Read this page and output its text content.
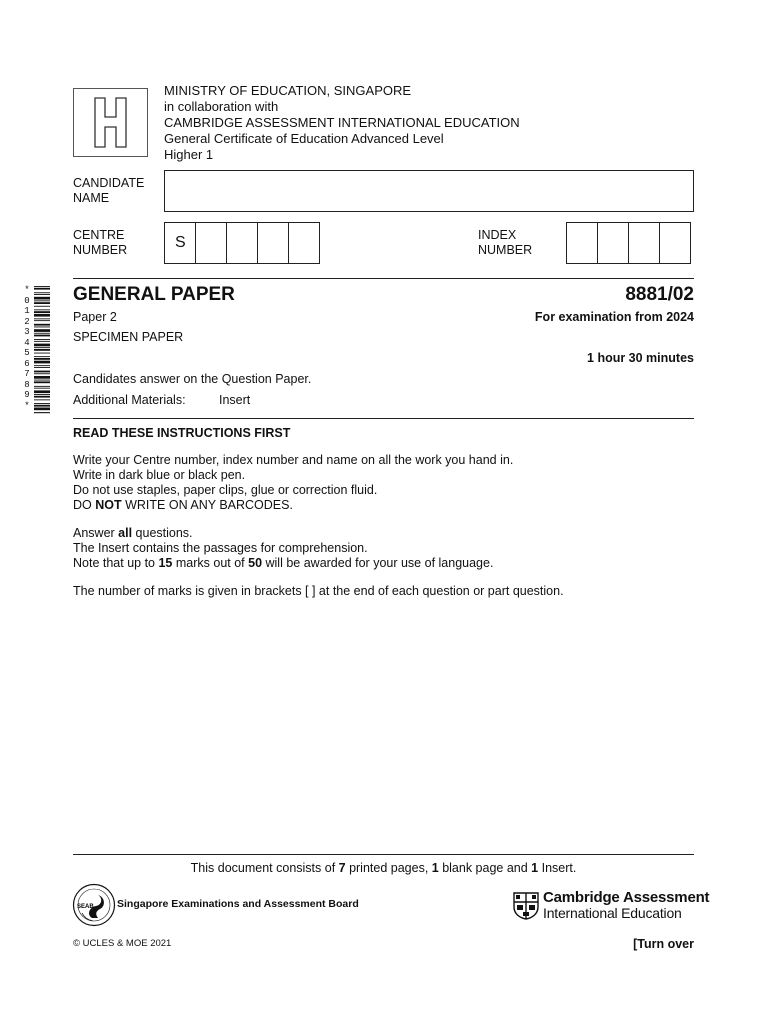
MINISTRY OF EDUCATION, SINGAPORE
in collaboration with
CAMBRIDGE ASSESSMENT INTERNATIONAL EDUCATION
General Certificate of Education Advanced Level
Higher 1
CANDIDATE
NAME
CENTRE
NUMBER	S	INDEX
NUMBER
*
0
1
2
3
4
5
6
7
8
9
*
GENERAL PAPER	8881/02
Paper 2	For examination from 2024
SPECIMEN PAPER
1 hour 30 minutes
Candidates answer on the Question Paper.
Additional Materials:	Insert
READ THESE INSTRUCTIONS FIRST
Write your Centre number, index number and name on all the work you hand in.
Write in dark blue or black pen.
Do not use staples, paper clips, glue or correction fluid.
DO NOT WRITE ON ANY BARCODES.
Answer all questions.
The Insert contains the passages for comprehension.
Note that up to 15 marks out of 50 will be awarded for your use of language.
The number of marks is given in brackets [ ] at the end of each question or part question.
This document consists of 7 printed pages, 1 blank page and 1 Insert.
SEAB Singapore Examinations and Assessment Board	Cambridge Assessment
International Education
© UCLES & MOE 2021	[Turn over
